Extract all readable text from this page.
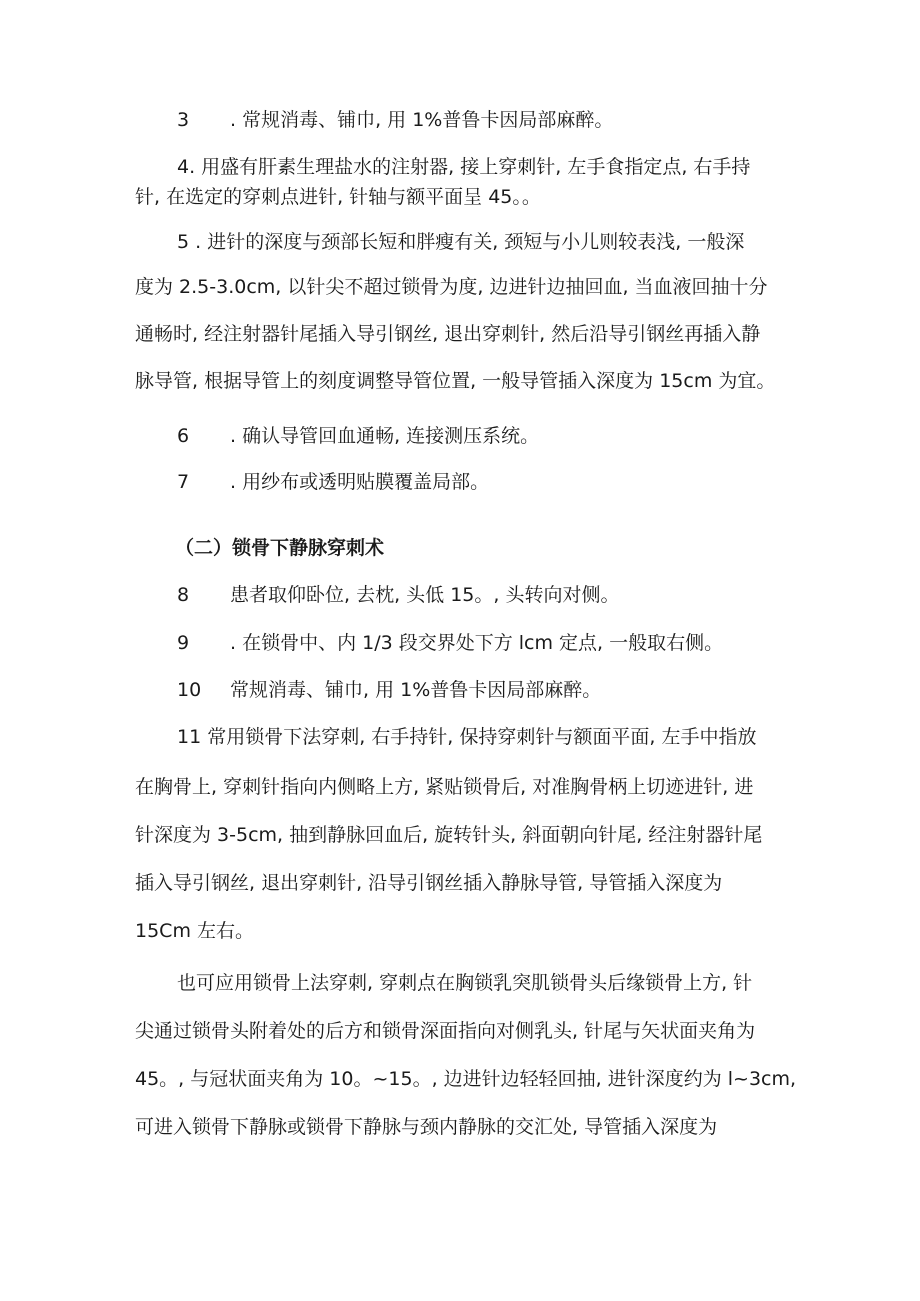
3 . 常规消毒、铺巾, 用 1%普鲁卡因局部麻醉。
4. 用盛有肝素生理盐水的注射器, 接上穿刺针, 左手食指定点, 右手持
针, 在选定的穿刺点进针, 针轴与额平面呈 45。。
5 . 进针的深度与颈部长短和胖瘦有关, 颈短与小儿则较表浅, 一般深
度为 2.5-3.0cm, 以针尖不超过锁骨为度, 边进针边抽回血, 当血液回抽十分
通畅时, 经注射器针尾插入导引钢丝, 退出穿刺针, 然后沿导引钢丝再插入静
脉导管, 根据导管上的刻度调整导管位置, 一般导管插入深度为 15cm 为宜。
6 . 确认导管回血通畅, 连接测压系统。
7 . 用纱布或透明贴膜覆盖局部。
（二）锁骨下静脉穿刺术
8 患者取仰卧位, 去枕, 头低 15。, 头转向对侧。
9 . 在锁骨中、内 1/3 段交界处下方 lcm 定点, 一般取右侧。
10 常规消毒、铺巾, 用 1%普鲁卡因局部麻醉。
11 常用锁骨下法穿刺, 右手持针, 保持穿刺针与额面平面, 左手中指放
在胸骨上, 穿刺针指向内侧略上方, 紧贴锁骨后, 对准胸骨柄上切迹进针, 进
针深度为 3-5cm, 抽到静脉回血后, 旋转针头, 斜面朝向针尾, 经注射器针尾
插入导引钢丝, 退出穿刺针, 沿导引钢丝插入静脉导管, 导管插入深度为
15Cm 左右。
也可应用锁骨上法穿刺, 穿刺点在胸锁乳突肌锁骨头后缘锁骨上方, 针
尖通过锁骨头附着处的后方和锁骨深面指向对侧乳头, 针尾与矢状面夹角为
45。, 与冠状面夹角为 10。~15。, 边进针边轻轻回抽, 进针深度约为 l~3cm,
可进入锁骨下静脉或锁骨下静脉与颈内静脉的交汇处, 导管插入深度为
